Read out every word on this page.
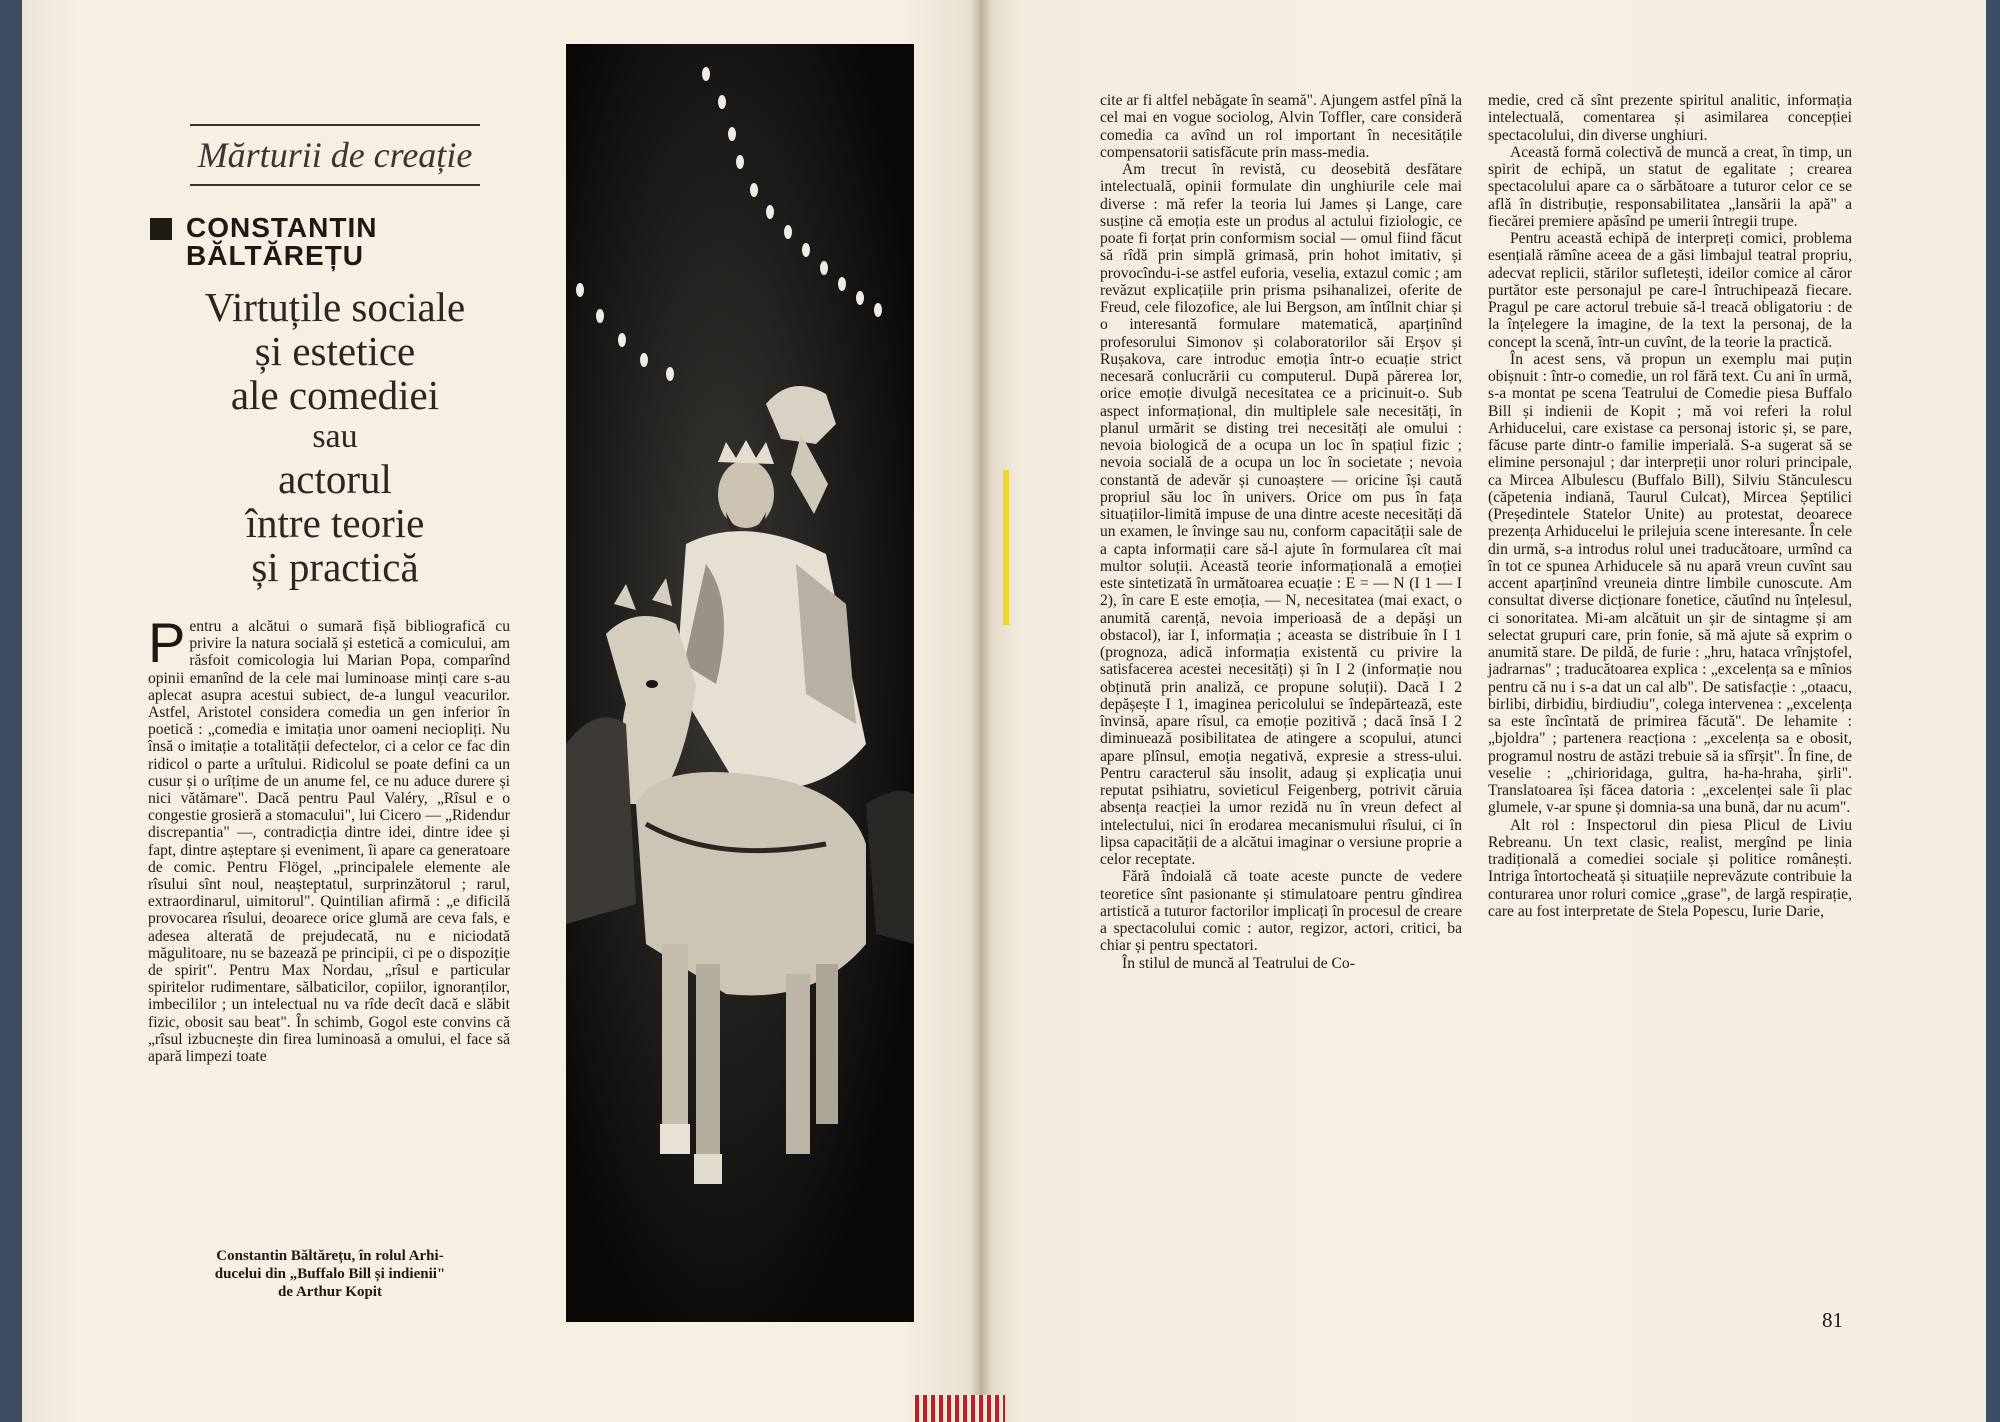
Mărturii de creație
CONSTANTIN
BĂLTĂREȚU
Virtuțile sociale
și estetice
ale comediei
sau
actorul
între teorie
și practică
Pentru a alcătui o sumară fișă bibliografică cu privire la natura socială și estetică a comicului, am răsfoit comicologia lui Marian Popa, comparînd opinii emanînd de la cele mai luminoase minți care s-au aplecat asupra acestui subiect, de-a lungul veacurilor. Astfel, Aristotel considera comedia un gen inferior în poetică : „comedia e imitația unor oameni neciopliți. Nu însă o imitație a totalității defectelor, ci a celor ce fac din ridicol o parte a urîtului. Ridicolul se poate defini ca un cusur și o urîțime de un anume fel, ce nu aduce durere și nici vătămare". Dacă pentru Paul Valéry, „Rîsul e o congestie grosieră a stomacului", lui Cicero — „Ridendur discrepantia" —, contradicția dintre idei, dintre idee și fapt, dintre așteptare și eveniment, îi apare ca generatoare de comic. Pentru Flögel, „principalele elemente ale rîsului sînt noul, neașteptatul, surprinzătorul ; rarul, extraordinarul, uimitorul". Quintilian afirmă : „e dificilă provocarea rîsului, deoarece orice glumă are ceva fals, e adesea alterată de prejudecată, nu e niciodată măgulitoare, nu se bazează pe principii, ci pe o dispoziție de spirit". Pentru Max Nordau, „rîsul e particular spiritelor rudimentare, sălbaticilor, copiilor, ignoranților, imbecililor ; un intelectual nu va rîde decît dacă e slăbit fizic, obosit sau beat". În schimb, Gogol este convins că „rîsul izbucnește din firea luminoasă a omului, el face să apară limpezi toate
Constantin Băltărețu, în rolul Arhi-
ducelui din „Buffalo Bill și indienii"
de Arthur Kopit

cite ar fi altfel nebăgate în seamă". Ajungem astfel pînă la cel mai en vogue sociolog, Alvin Toffler, care consideră comedia ca avînd un rol important în necesitățile compensatorii satisfăcute prin mass-media.

Am trecut în revistă, cu deosebită desfătare intelectuală, opinii formulate din unghiurile cele mai diverse : mă refer la teoria lui James și Lange, care susține că emoția este un produs al actului fiziologic, ce poate fi forțat prin conformism social — omul fiind făcut să rîdă prin simplă grimasă, prin hohot imitativ, și provocîndu-i-se astfel euforia, veselia, extazul comic ; am revăzut explicațiile prin prisma psihanalizei, oferite de Freud, cele filozofice, ale lui Bergson, am întîlnit chiar și o interesantă formulare matematică, aparținînd profesorului Simonov și colaboratorilor săi Erșov și Rușakova, care introduc emoția într-o ecuație strict necesară conlucrării cu computerul. După părerea lor, orice emoție divulgă necesitatea ce a pricinuit-o. Sub aspect informațional, din multiplele sale necesități, în planul urmărit se disting trei necesități ale omului : nevoia biologică de a ocupa un loc în spațiul fizic ; nevoia socială de a ocupa un loc în societate ; nevoia constantă de adevăr și cunoaștere — oricine își caută propriul său loc în univers. Orice om pus în fața situațiilor-limită impuse de una dintre aceste necesități dă un examen, le învinge sau nu, conform capacității sale de a capta informații care să-l ajute în formularea cît mai multor soluții. Această teorie informațională a emoției este sintetizată în următoarea ecuație : E = — N (I 1 — I 2), în care E este emoția, — N, necesitatea (mai exact, o anumită carență, nevoia imperioasă de a depăși un obstacol), iar I, informația ; aceasta se distribuie în I 1 (prognoza, adică informația existentă cu privire la satisfacerea acestei necesități) și în I 2 (informație nou obținută prin analiză, ce propune soluții). Dacă I 2 depășește I 1, imaginea pericolului se îndepărtează, este învinsă, apare rîsul, ca emoție pozitivă ; dacă însă I 2 diminuează posibilitatea de atingere a scopului, atunci apare plînsul, emoția negativă, expresie a stress-ului. Pentru caracterul său insolit, adaug și explicația unui reputat psihiatru, sovieticul Feigenberg, potrivit căruia absența reacției la umor rezidă nu în vreun defect al intelectului, nici în erodarea mecanismului rîsului, ci în lipsa capacității de a alcătui imaginar o versiune proprie a celor receptate.

Fără îndoială că toate aceste puncte de vedere teoretice sînt pasionante și stimulatoare pentru gîndirea artistică a tuturor factorilor implicați în procesul de creare a spectacolului comic : autor, regizor, actori, critici, ba chiar și pentru spectatori.

În stilul de muncă al Teatrului de Co-

medie, cred că sînt prezente spiritul analitic, informația intelectuală, comentarea și asimilarea concepției spectacolului, din diverse unghiuri.

Această formă colectivă de muncă a creat, în timp, un spirit de echipă, un statut de egalitate ; crearea spectacolului apare ca o sărbătoare a tuturor celor ce se află în distribuție, responsabilitatea „lansării la apă" a fiecărei premiere apăsînd pe umerii întregii trupe.

Pentru această echipă de interpreți comici, problema esențială rămîne aceea de a găsi limbajul teatral propriu, adecvat replicii, stărilor sufletești, ideilor comice al căror purtător este personajul pe care-l întruchipează fiecare. Pragul pe care actorul trebuie să-l treacă obligatoriu : de la înțelegere la imagine, de la text la personaj, de la concept la scenă, într-un cuvînt, de la teorie la practică.

În acest sens, vă propun un exemplu mai puțin obișnuit : într-o comedie, un rol fără text. Cu ani în urmă, s-a montat pe scena Teatrului de Comedie piesa Buffalo Bill și indienii de Kopit ; mă voi referi la rolul Arhiducelui, care existase ca personaj istoric și, se pare, făcuse parte dintr-o familie imperială. S-a sugerat să se elimine personajul ; dar interpreții unor roluri principale, ca Mircea Albulescu (Buffalo Bill), Silviu Stănculescu (căpetenia indiană, Taurul Culcat), Mircea Șeptilici (Președintele Statelor Unite) au protestat, deoarece prezența Arhiducelui le prilejuia scene interesante. În cele din urmă, s-a introdus rolul unei traducătoare, urmînd ca în tot ce spunea Arhiducele să nu apară vreun cuvînt sau accent aparținînd vreuneia dintre limbile cunoscute. Am consultat diverse dicționare fonetice, căutînd nu înțelesul, ci sonoritatea. Mi-am alcătuit un șir de sintagme și am selectat grupuri care, prin fonie, să mă ajute să exprim o anumită stare. De pildă, de furie : „hru, hataca vrînjștofel, jadrarnas" ; traducătoarea explica : „excelența sa e mînios pentru că nu i s-a dat un cal alb". De satisfacție : „otaacu, birlibi, dirbidiu, birdiudiu", colega intervenea : „excelența sa este încîntată de primirea făcută". De lehamite : „bjoldra" ; partenera reacționa : „excelența sa e obosit, programul nostru de astăzi trebuie să ia sfîrșit". În fine, de veselie : „chirioridaga, gultra, ha-ha-hraha, șirli". Translatoarea își făcea datoria : „excelenței sale îi plac glumele, v-ar spune și domnia-sa una bună, dar nu acum".

Alt rol : Inspectorul din piesa Plicul de Liviu Rebreanu. Un text clasic, realist, mergînd pe linia tradițională a comediei sociale și politice românești. Intriga întortocheată și situațiile neprevăzute contribuie la conturarea unor roluri comice „grase", de largă respirație, care au fost interpretate de Stela Popescu, Iurie Darie,

81
